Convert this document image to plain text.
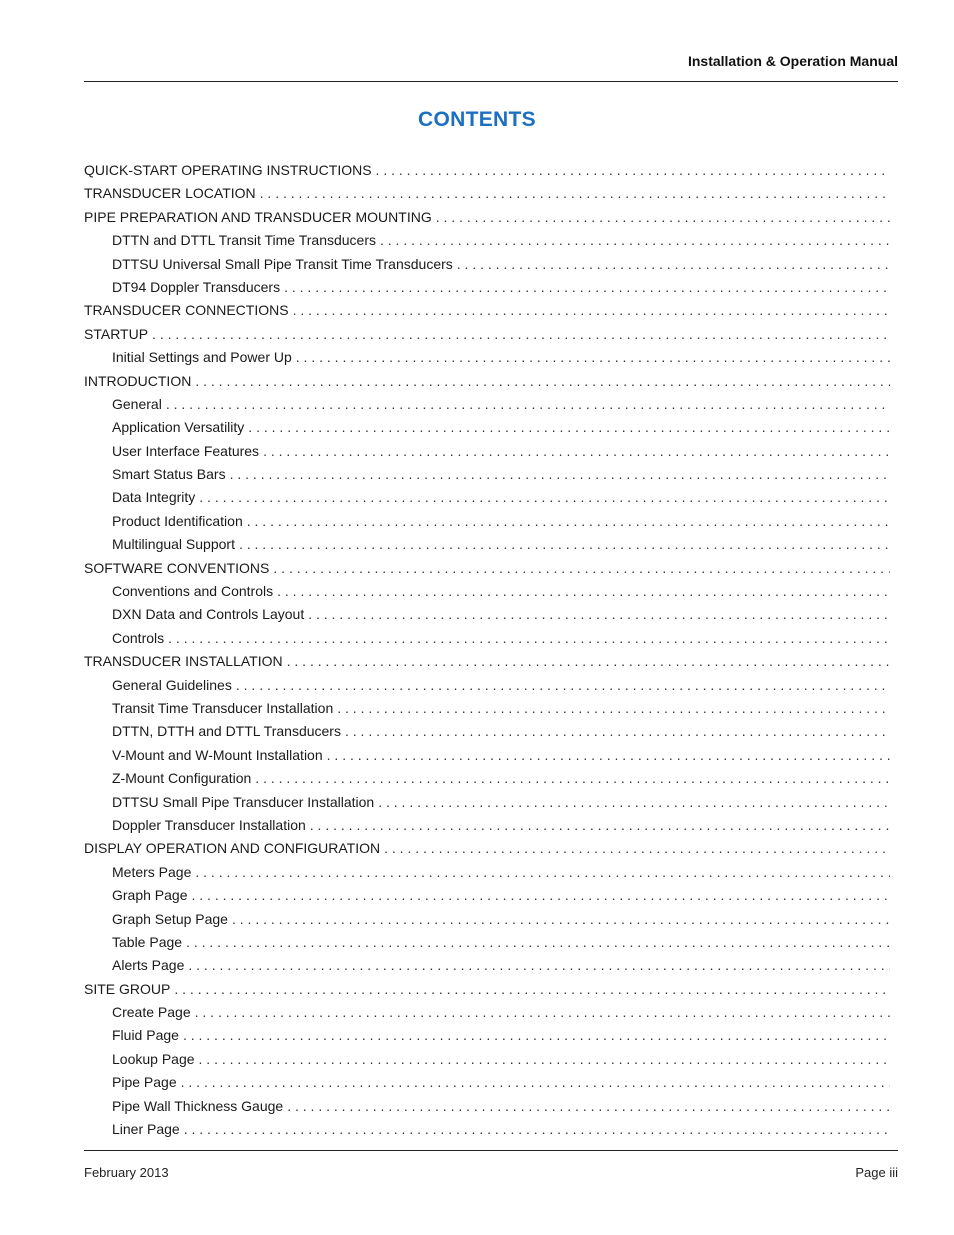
Installation & Operation Manual
CONTENTS
QUICK-START OPERATING INSTRUCTIONS
. . .
TRANSDUCER LOCATION
. . .
PIPE PREPARATION AND TRANSDUCER MOUNTING
. . .
DTTN and DTTL Transit Time Transducers
. . .
DTTSU Universal Small Pipe Transit Time Transducers
. . .
DT94 Doppler Transducers
. . .
TRANSDUCER CONNECTIONS
. . .
STARTUP
. . .
Initial Settings and Power Up
. . .
INTRODUCTION
. . .
General
. . .
Application Versatility
. . .
User Interface Features
. . .
Smart Status Bars
. . .
Data Integrity
. . .
Product Identification
. . .
Multilingual Support
. . .
SOFTWARE CONVENTIONS
. . .
Conventions and Controls
. . .
DXN Data and Controls Layout
. . .
Controls
. . .
TRANSDUCER INSTALLATION
. . .
General Guidelines
. . .
Transit Time Transducer Installation
. . .
DTTN, DTTH and DTTL Transducers
. . .
V-Mount and W-Mount Installation
. . .
Z-Mount Configuration
. . .
DTTSU Small Pipe Transducer Installation
. . .
Doppler Transducer Installation
. . .
DISPLAY OPERATION AND CONFIGURATION
. . .
Meters Page
. . .
Graph Page
. . .
Graph Setup Page
. . .
Table Page
. . .
Alerts Page
. . .
SITE GROUP
. . .
Create Page
. . .
Fluid Page
. . .
Lookup Page
. . .
Pipe Page
. . .
Pipe Wall Thickness Gauge
. . .
Liner Page
. . .
February 2013	Page iii
